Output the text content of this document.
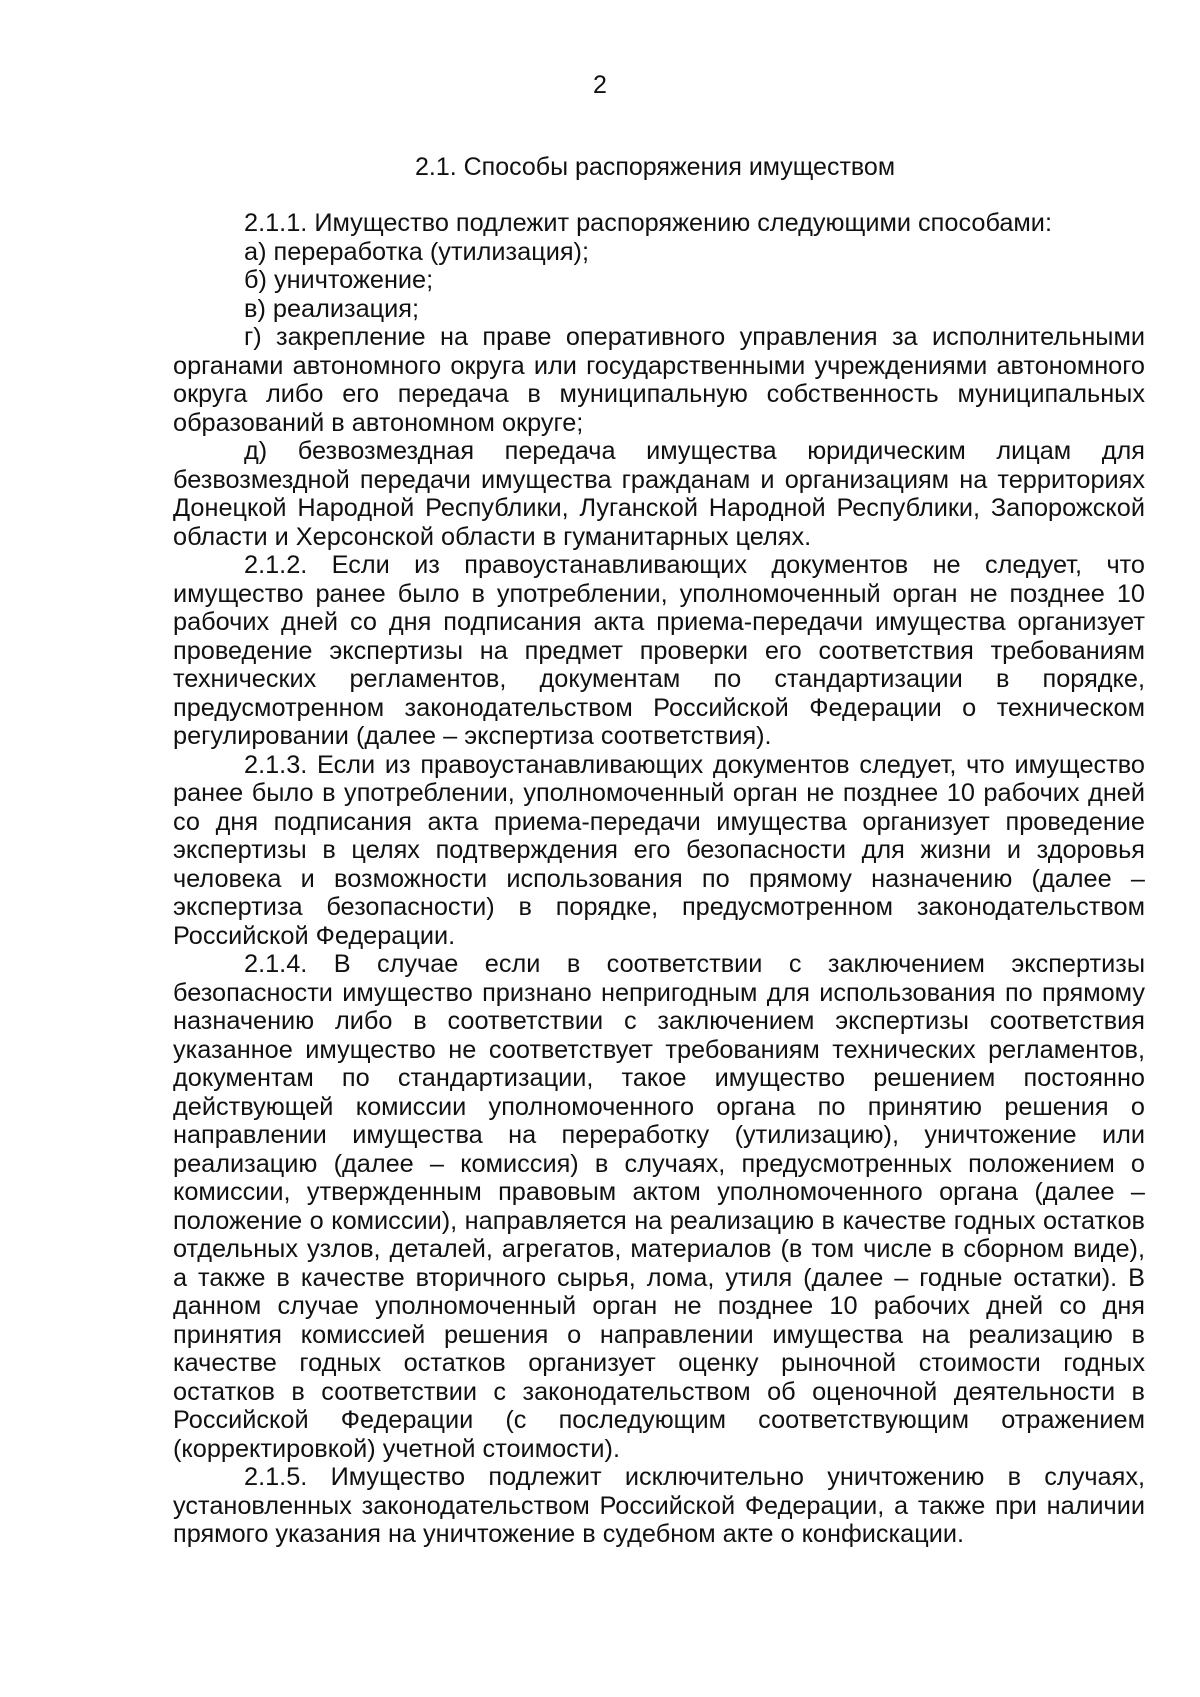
2
2.1. Способы распоряжения имуществом

2.1.1. Имущество подлежит распоряжению следующими способами:

а) переработка (утилизация);

б) уничтожение;

в) реализация;

г) закрепление на праве оперативного управления за исполнительными органами автономного округа или государственными учреждениями автономного округа либо его передача в муниципальную собственность муниципальных образований в автономном округе;

д) безвозмездная передача имущества юридическим лицам для безвозмездной передачи имущества гражданам и организациям на территориях Донецкой Народной Республики, Луганской Народной Республики, Запорожской области и Херсонской области в гуманитарных целях.

2.1.2. Если из правоустанавливающих документов не следует, что имущество ранее было в употреблении, уполномоченный орган не позднее 10 рабочих дней со дня подписания акта приема-передачи имущества организует проведение экспертизы на предмет проверки его соответствия требованиям технических регламентов, документам по стандартизации в порядке, предусмотренном законодательством Российской Федерации о техническом регулировании (далее – экспертиза соответствия).

2.1.3. Если из правоустанавливающих документов следует, что имущество ранее было в употреблении, уполномоченный орган не позднее 10 рабочих дней со дня подписания акта приема-передачи имущества организует проведение экспертизы в целях подтверждения его безопасности для жизни и здоровья человека и возможности использования по прямому назначению (далее – экспертиза безопасности) в порядке, предусмотренном законодательством Российской Федерации.

2.1.4. В случае если в соответствии с заключением экспертизы безопасности имущество признано непригодным для использования по прямому назначению либо в соответствии с заключением экспертизы соответствия указанное имущество не соответствует требованиям технических регламентов, документам по стандартизации, такое имущество решением постоянно действующей комиссии уполномоченного органа по принятию решения о направлении имущества на переработку (утилизацию), уничтожение или реализацию (далее – комиссия) в случаях, предусмотренных положением о комиссии, утвержденным правовым актом уполномоченного органа (далее – положение о комиссии), направляется на реализацию в качестве годных остатков отдельных узлов, деталей, агрегатов, материалов (в том числе в сборном виде), а также в качестве вторичного сырья, лома, утиля (далее – годные остатки). В данном случае уполномоченный орган не позднее 10 рабочих дней со дня принятия комиссией решения о направлении имущества на реализацию в качестве годных остатков организует оценку рыночной стоимости годных остатков в соответствии с законодательством об оценочной деятельности в Российской Федерации (с последующим соответствующим отражением (корректировкой) учетной стоимости).

2.1.5. Имущество подлежит исключительно уничтожению в случаях, установленных законодательством Российской Федерации, а также при наличии прямого указания на уничтожение в судебном акте о конфискации.
